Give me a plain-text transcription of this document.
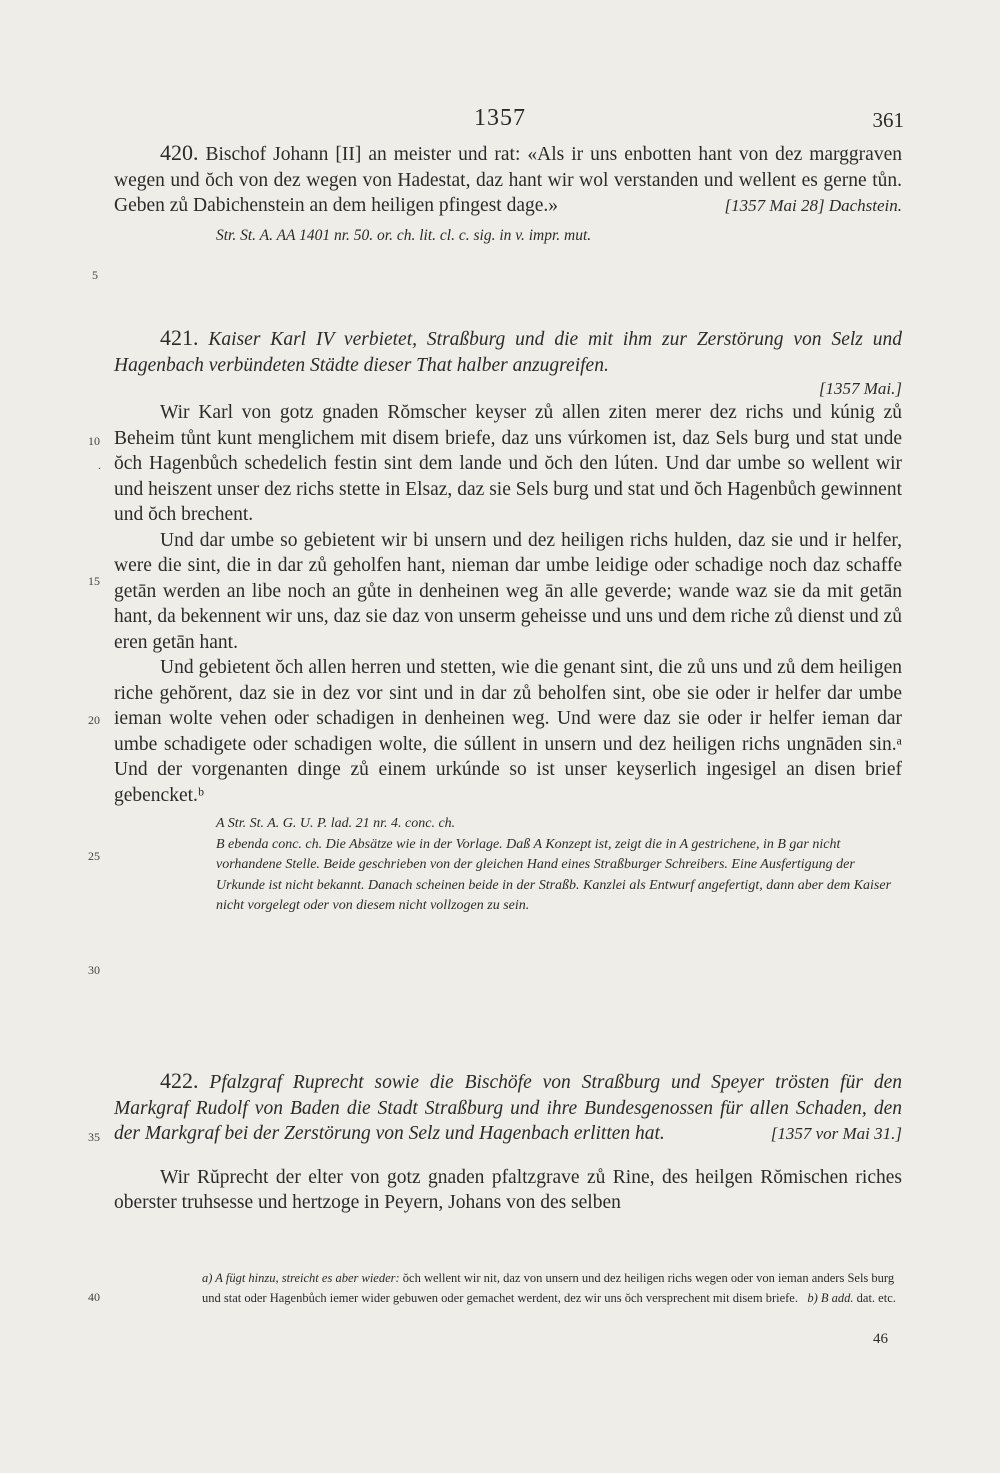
1357	361
5
10
.
15
20
25
30
35
40

420. Bischof Johann [II] an meister und rat: «Als ir uns enbotten hant von dez marggraven wegen und ŏch von dez wegen von Hadestat, daz hant wir wol verstanden und wellent es gerne tůn. Geben zů Dabichenstein an dem heiligen pfingest dage.»	[1357 Mai 28] Dachstein.

Str. St. A. AA 1401 nr. 50. or. ch. lit. cl. c. sig. in v. impr. mut.

421. Kaiser Karl IV verbietet, Straßburg und die mit ihm zur Zerstörung von Selz und Hagenbach verbündeten Städte dieser That halber anzugreifen.

[1357 Mai.]

Wir Karl von gotz gnaden Rŏmscher keyser zů allen ziten merer dez richs und kúnig zů Beheim tůnt kunt menglichem mit disem briefe, daz uns vúrkomen ist, daz Sels burg und stat unde ŏch Hagenbůch schedelich festin sint dem lande und ŏch den lúten. Und dar umbe so wellent wir und heiszent unser dez richs stette in Elsaz, daz sie Sels burg und stat und ŏch Hagenbůch gewinnent und ŏch brechent.

Und dar umbe so gebietent wir bi unsern und dez heiligen richs hulden, daz sie und ir helfer, were die sint, die in dar zů geholfen hant, nieman dar umbe leidige oder schadige noch daz schaffe getān werden an libe noch an gůte in denheinen weg ān alle geverde; wande waz sie da mit getān hant, da bekennent wir uns, daz sie daz von unserm geheisse und uns und dem riche zů dienst und zů eren getān hant.

Und gebietent ŏch allen herren und stetten, wie die genant sint, die zů uns und zů dem heiligen riche gehŏrent, daz sie in dez vor sint und in dar zů beholfen sint, obe sie oder ir helfer dar umbe ieman wolte vehen oder schadigen in denheinen weg. Und were daz sie oder ir helfer ieman dar umbe schadigete oder schadigen wolte, die súllent in unsern und dez heiligen richs ungnāden sin.ᵃ Und der vorgenanten dinge zů einem urkúnde so ist unser keyserlich ingesigel an disen brief gebencket.ᵇ

A Str. St. A. G. U. P. lad. 21 nr. 4. conc. ch.

B ebenda conc. ch. Die Absätze wie in der Vorlage. Daß A Konzept ist, zeigt die in A gestrichene, in B gar nicht vorhandene Stelle. Beide geschrieben von der gleichen Hand eines Straßburger Schreibers. Eine Ausfertigung der Urkunde ist nicht bekannt. Danach scheinen beide in der Straßb. Kanzlei als Entwurf angefertigt, dann aber dem Kaiser nicht vorgelegt oder von diesem nicht vollzogen zu sein.

422. Pfalzgraf Ruprecht sowie die Bischöfe von Straßburg und Speyer trösten für den Markgraf Rudolf von Baden die Stadt Straßburg und ihre Bundesgenossen für allen Schaden, den der Markgraf bei der Zerstörung von Selz und Hagenbach erlitten hat.	[1357 vor Mai 31.]

Wir Rŭprecht der elter von gotz gnaden pfaltzgrave zů Rine, des heilgen Rŏmischen riches oberster truhsesse und hertzoge in Peyern, Johans von des selben

a) A fügt hinzu, streicht es aber wieder: ŏch wellent wir nit, daz von unsern und dez heiligen richs wegen oder von ieman anders Sels burg und stat oder Hagenbůch iemer wider gebuwen oder gemachet werdent, dez wir uns ŏch versprechent mit disem briefe. b) B add. dat. etc.

46
